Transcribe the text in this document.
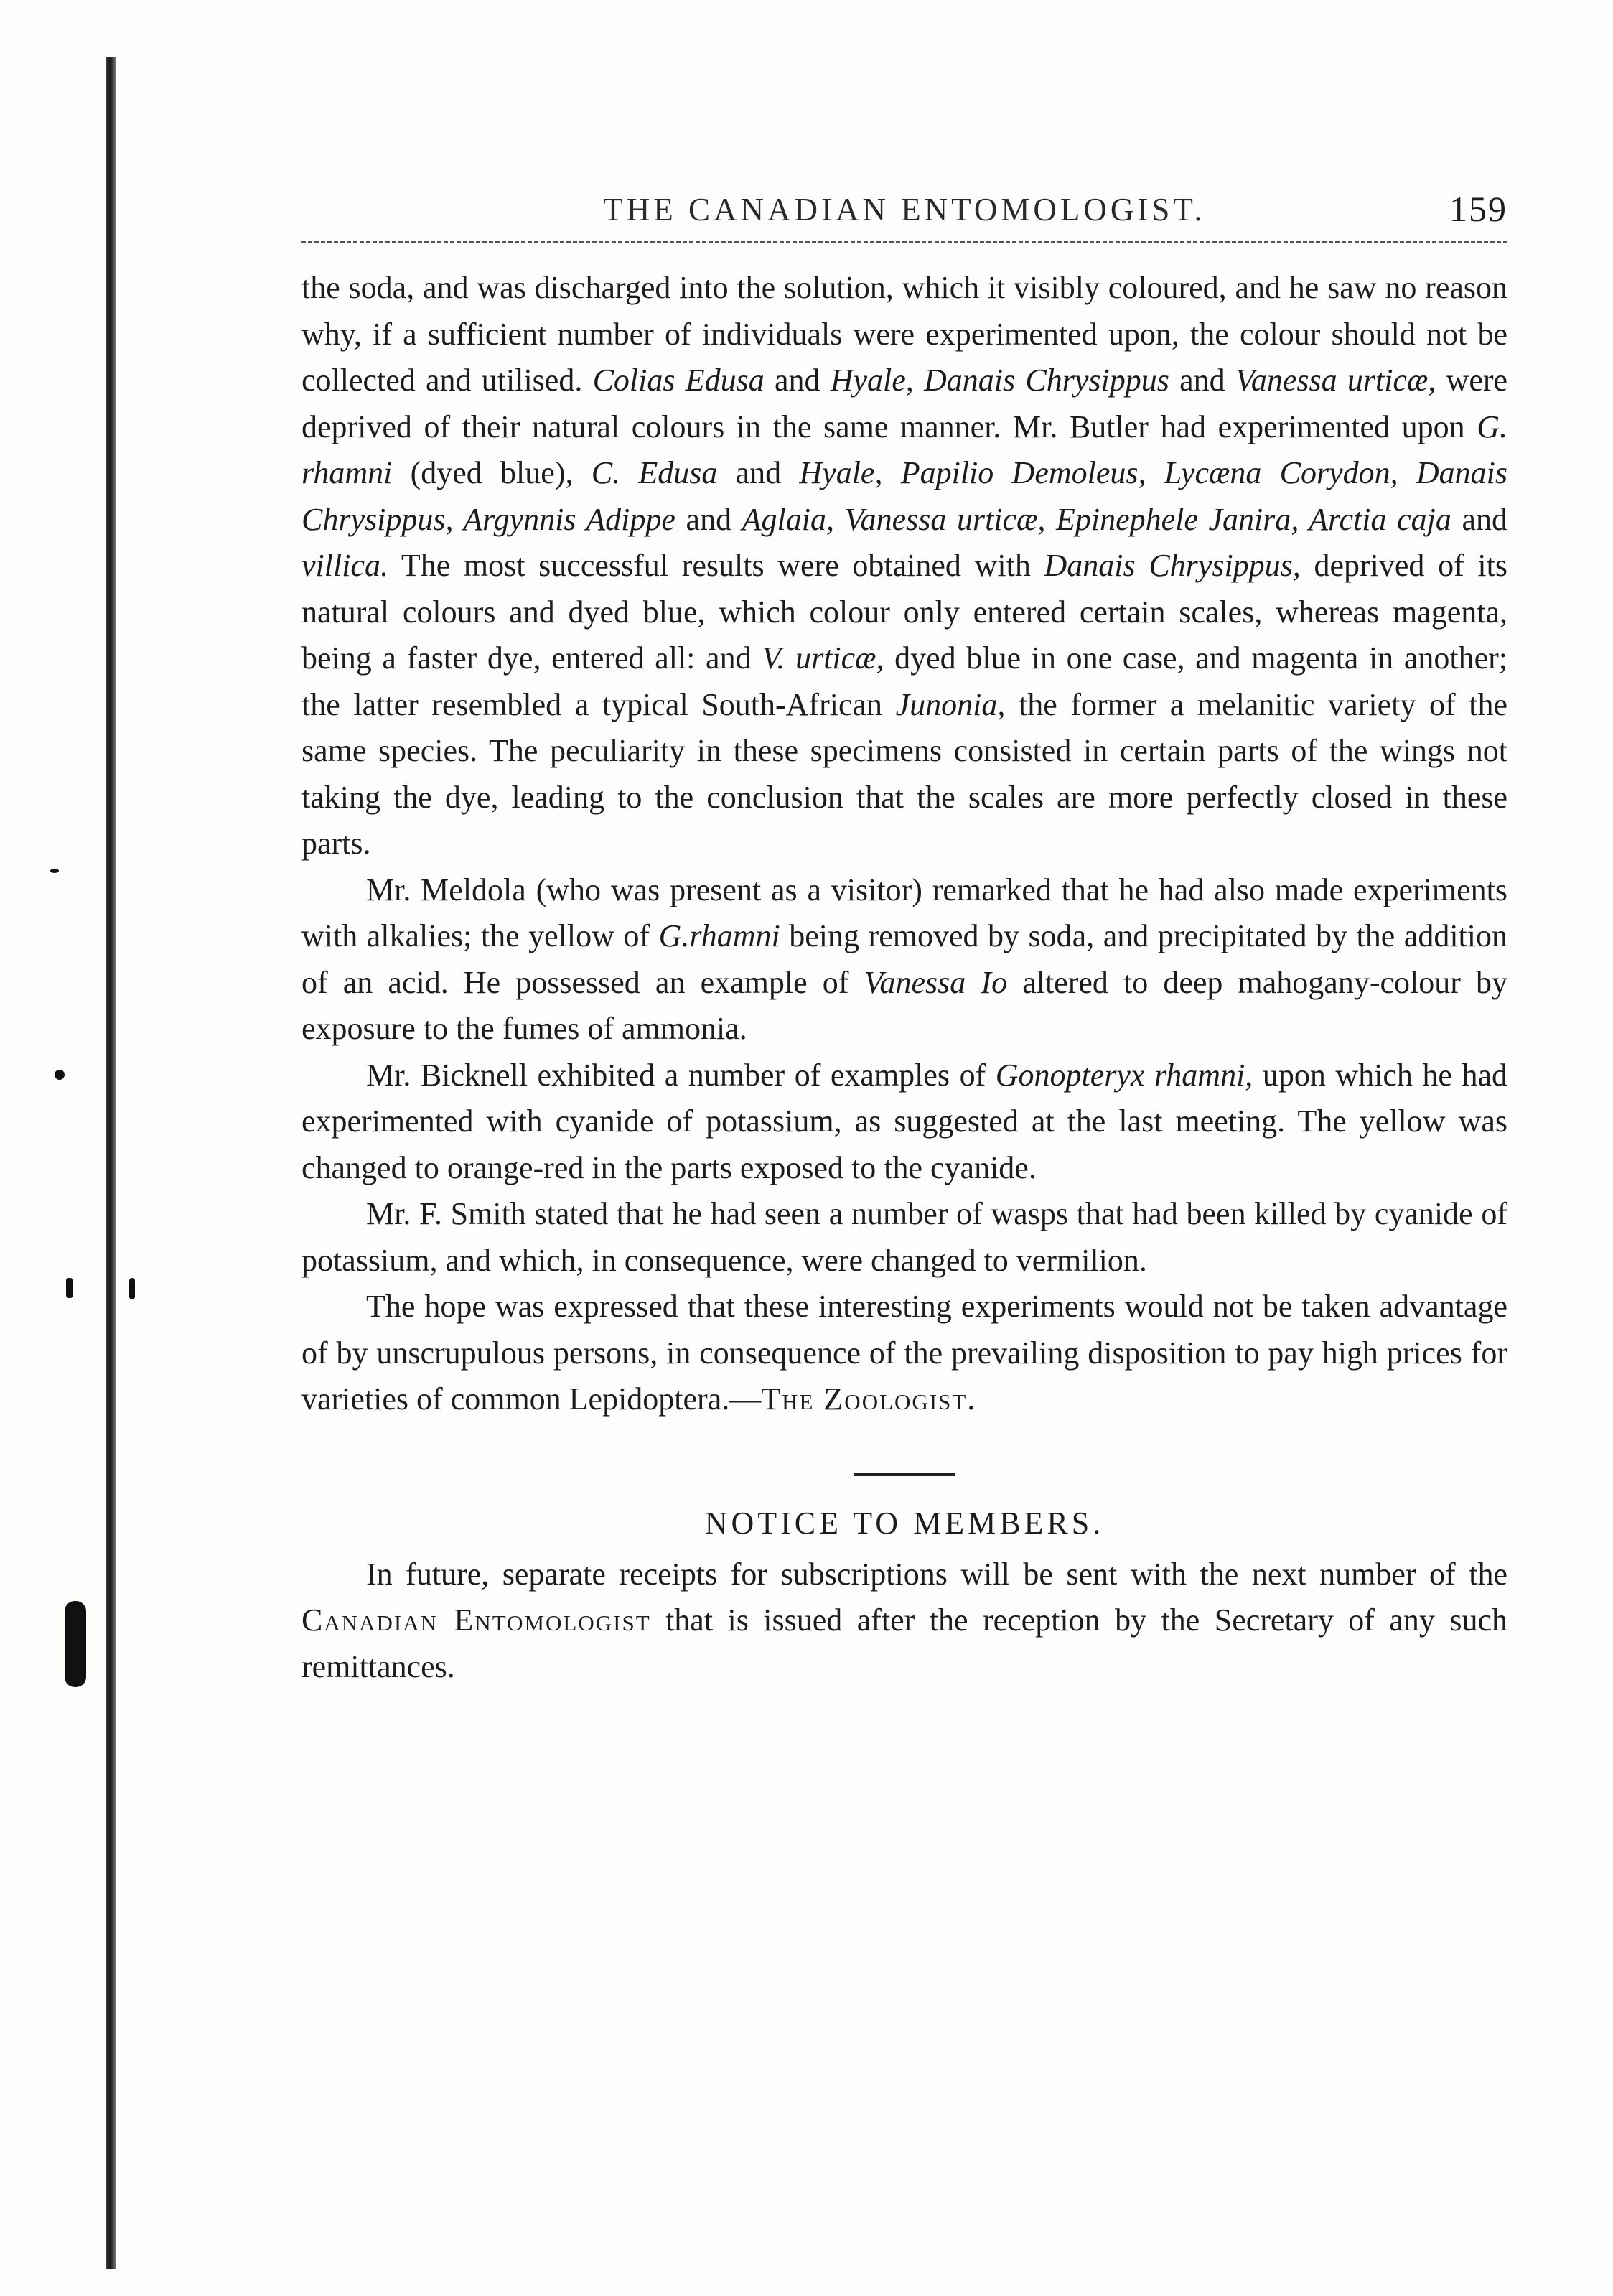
THE CANADIAN ENTOMOLOGIST.	159

the soda, and was discharged into the solution, which it visibly coloured, and he saw no reason why, if a sufficient number of individuals were experimented upon, the colour should not be collected and utilised. Colias Edusa and Hyale, Danais Chrysippus and Vanessa urticæ, were deprived of their natural colours in the same manner. Mr. Butler had experimented upon G. rhamni (dyed blue), C. Edusa and Hyale, Papilio Demoleus, Lycæna Corydon, Danais Chrysippus, Argynnis Adippe and Aglaia, Vanessa urticæ, Epinephele Janira, Arctia caja and villica. The most successful results were obtained with Danais Chrysippus, deprived of its natural colours and dyed blue, which colour only entered certain scales, whereas magenta, being a faster dye, entered all: and V. urticæ, dyed blue in one case, and magenta in another; the latter resembled a typical South-African Junonia, the former a melanitic variety of the same species. The peculiarity in these specimens consisted in certain parts of the wings not taking the dye, leading to the conclusion that the scales are more perfectly closed in these parts.

Mr. Meldola (who was present as a visitor) remarked that he had also made experiments with alkalies; the yellow of G.rhamni being removed by soda, and precipitated by the addition of an acid. He possessed an example of Vanessa Io altered to deep mahogany-colour by exposure to the fumes of ammonia.

Mr. Bicknell exhibited a number of examples of Gonopteryx rhamni, upon which he had experimented with cyanide of potassium, as suggested at the last meeting. The yellow was changed to orange-red in the parts exposed to the cyanide.

Mr. F. Smith stated that he had seen a number of wasps that had been killed by cyanide of potassium, and which, in consequence, were changed to vermilion.

The hope was expressed that these interesting experiments would not be taken advantage of by unscrupulous persons, in consequence of the prevailing disposition to pay high prices for varieties of common Lepidoptera.—The Zoologist.

NOTICE TO MEMBERS.

In future, separate receipts for subscriptions will be sent with the next number of the Canadian Entomologist that is issued after the reception by the Secretary of any such remittances.
